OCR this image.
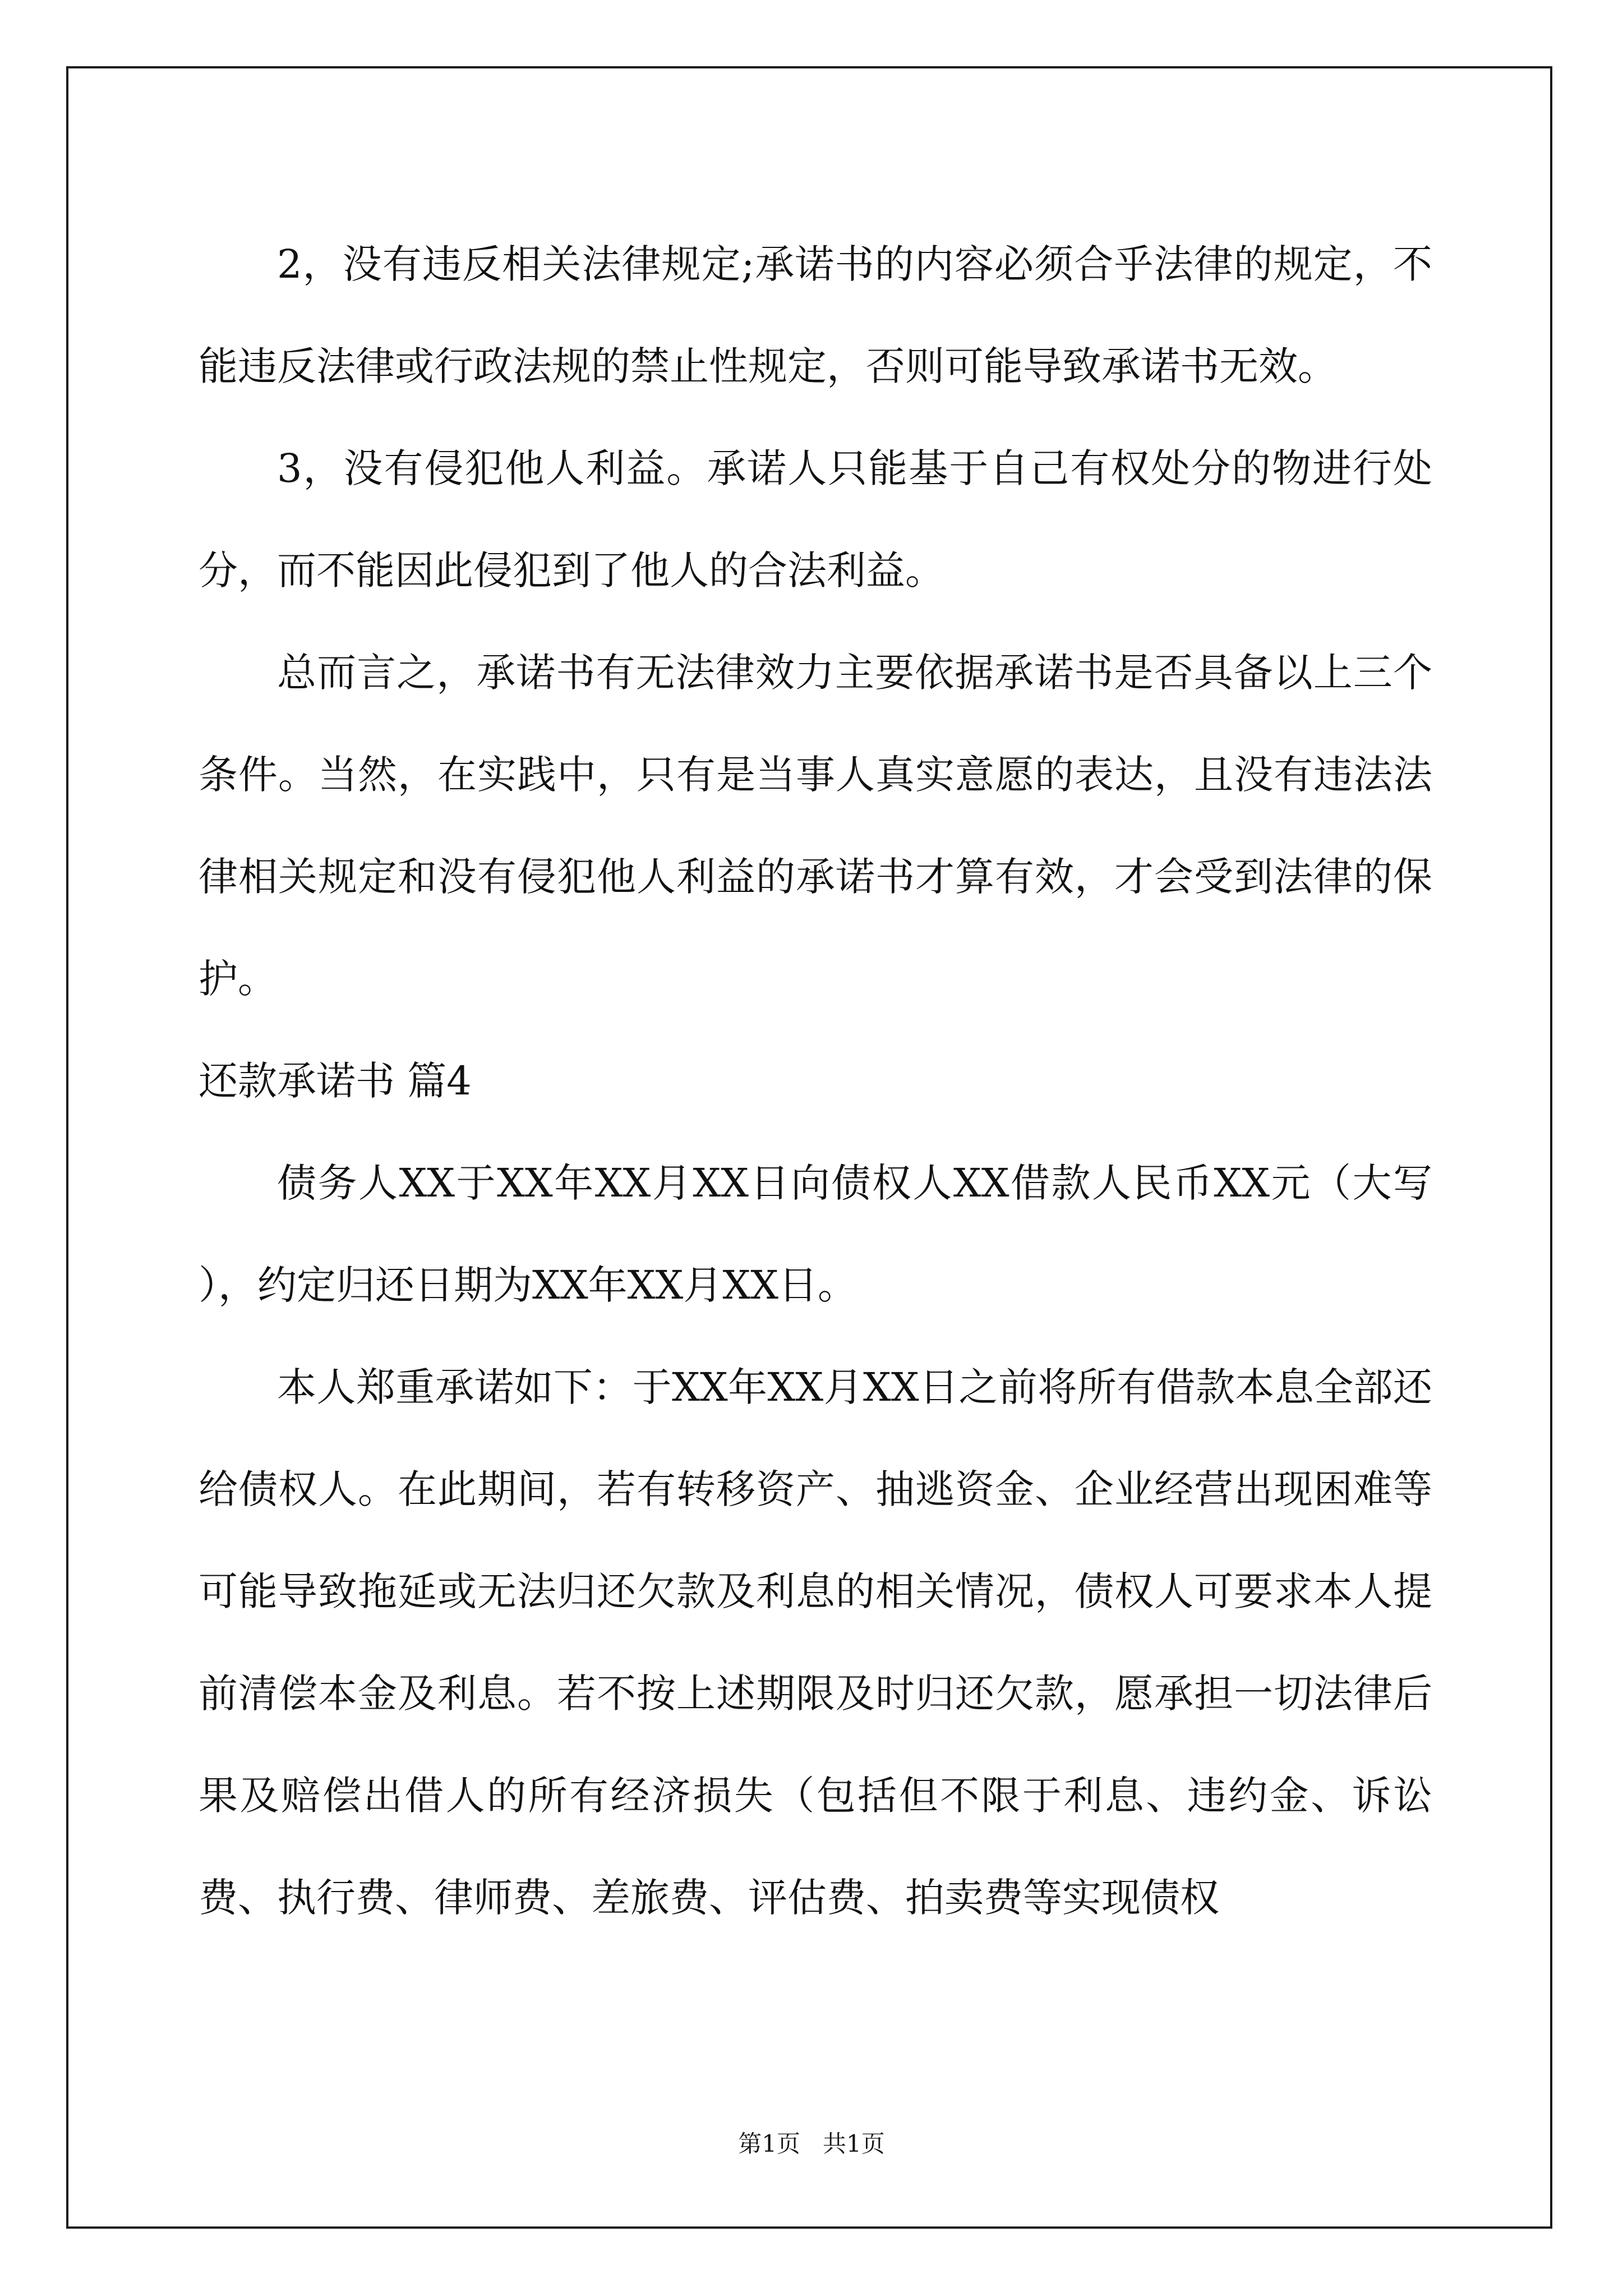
2，没有违反相关法律规定;承诺书的内容必须合乎法律的规定，不能违反法律或行政法规的禁止性规定，否则可能导致承诺书无效。

3，没有侵犯他人利益。承诺人只能基于自己有权处分的物进行处分，而不能因此侵犯到了他人的合法利益。

总而言之，承诺书有无法律效力主要依据承诺书是否具备以上三个条件。当然，在实践中，只有是当事人真实意愿的表达，且没有违法法律相关规定和没有侵犯他人利益的承诺书才算有效，才会受到法律的保护。

还款承诺书 篇4

债务人XX于XX年XX月XX日向债权人XX借款人民币XX元（大写 ），约定归还日期为XX年XX月XX日。

本人郑重承诺如下：于XX年XX月XX日之前将所有借款本息全部还给债权人。在此期间，若有转移资产、抽逃资金、企业经营出现困难等可能导致拖延或无法归还欠款及利息的相关情况，债权人可要求本人提前清偿本金及利息。若不按上述期限及时归还欠款，愿承担一切法律后果及赔偿出借人的所有经济损失（包括但不限于利息、违约金、诉讼费、执行费、律师费、差旅费、评估费、拍卖费等实现债权

第1页 共1页
